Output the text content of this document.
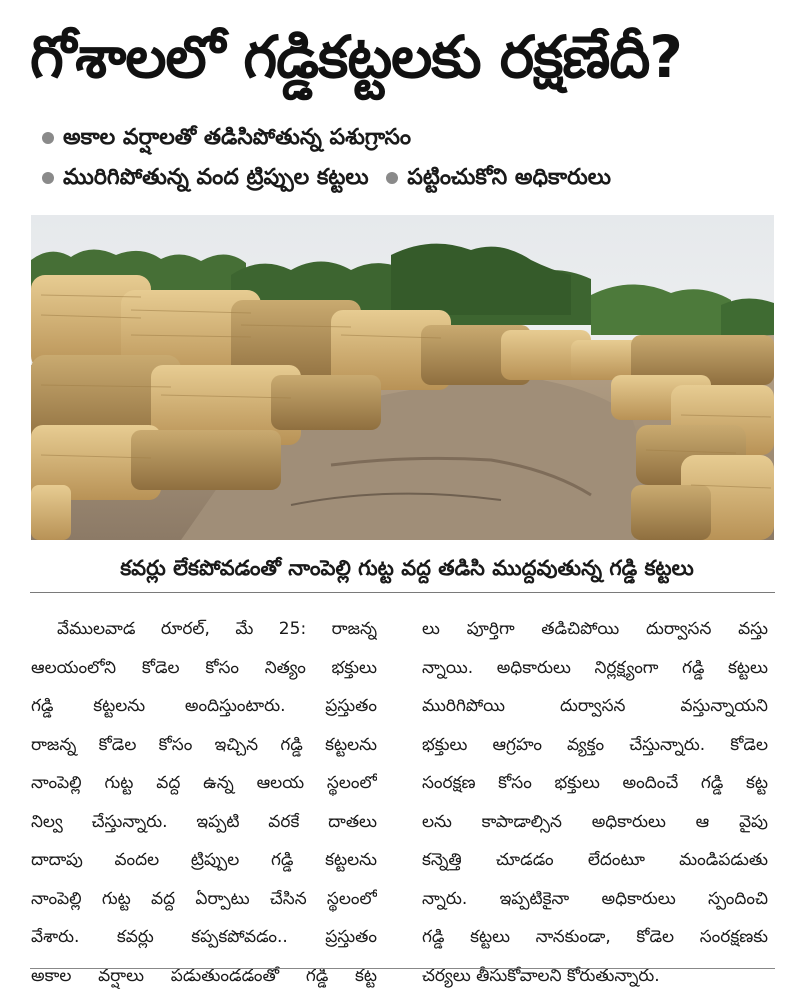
గోశాలలో గడ్డికట్టలకు రక్షణేదీ?
అకాల వర్షాలతో తడిసిపోతున్న పశుగ్రాసం
మురిగిపోతున్న వంద ట్రిప్పుల కట్టలు పట్టించుకోని అధికారులు
కవర్లు లేకపోవడంతో నాంపెల్లి గుట్ట వద్ద తడిసి ముద్దవుతున్న గడ్డి కట్టలు
వేములవాడ రూరల్, మే 25: రాజన్న
ఆలయంలోని కోడెల కోసం నిత్యం భక్తులు
గడ్డి కట్టలను అందిస్తుంటారు. ప్రస్తుతం
రాజన్న కోడెల కోసం ఇచ్చిన గడ్డి కట్టలను
నాంపెల్లి గుట్ట వద్ద ఉన్న ఆలయ స్థలంలో
నిల్వ చేస్తున్నారు. ఇప్పటి వరకే దాతలు
దాదాపు వందల ట్రిప్పుల గడ్డి కట్టలను
నాంపెల్లి గుట్ట వద్ద ఏర్పాటు చేసిన స్థలంలో
వేశారు. కవర్లు కప్పకపోవడం.. ప్రస్తుతం
అకాల వర్షాలు పడుతుండడంతో గడ్డి కట్ట
లు పూర్తిగా తడిచిపోయి దుర్వాసన వస్తు
న్నాయి. అధికారులు నిర్లక్ష్యంగా గడ్డి కట్టలు
మురిగిపోయి దుర్వాసన వస్తున్నాయని
భక్తులు ఆగ్రహం వ్యక్తం చేస్తున్నారు. కోడెల
సంరక్షణ కోసం భక్తులు అందించే గడ్డి కట్ట
లను కాపాడాల్సిన అధికారులు ఆ వైపు
కన్నెత్తి చూడడం లేదంటూ మండిపడుతు
న్నారు. ఇప్పటికైనా అధికారులు స్పందించి
గడ్డి కట్టలు నానకుండా, కోడెల సంరక్షణకు
చర్యలు తీసుకోవాలని కోరుతున్నారు.
